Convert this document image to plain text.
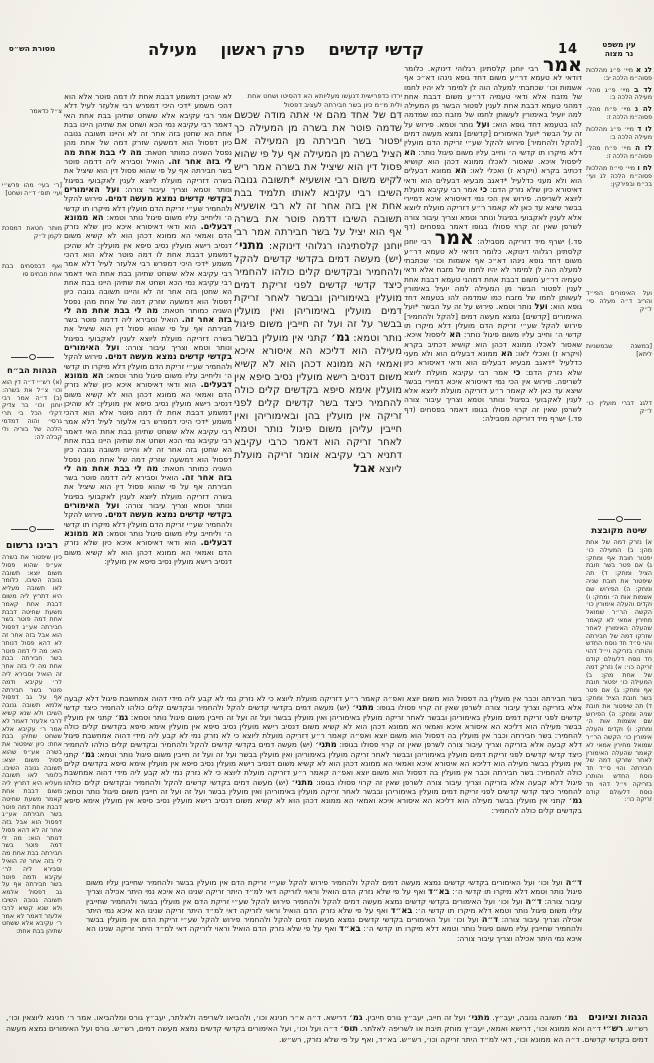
מסורת הש״ס	קדשי קדשים
פרק ראשון
מעילה	14	עין משפט
נר מצוה
לג א מיי׳ פ״ג מהלכות פסוה״מ הלכה יב:
לד ב מיי׳ פ״ג מהל׳ מעילה הלכה ב:
לה ג מיי׳ פ״ח מהל׳ פסוה״מ הלכה ז:
לו ד מיי׳ פ״ג מהלכות מעילה הלכה ב:
לז ה מיי׳ פ״ח מהל׳ פסוה״מ הלכה ז:
לח ו מיי׳ פי״ח מהלכות פסוה״מ הלכה לג ועי׳ בכ״מ ובפירקין:
ועל האימורים הפי״ד והריב ד״ה מעלה סי׳ ל״ק
[במשנה שבמשניות ליתא]
דלגג דברי מועלין כו׳ ל״ק
שיטה מקובצת
א) נזרק דמה של אחת מהן: ב) המעילה כו׳ יפטור חובת אף ומחק: ג) אם פטר בשר חובת הציל ומחק: ד) תה שיפטור את חובת שניה ומחק: ה) הפירוש שם אשמות אות ה׳ ומחק: ו) וקדים והעלה אימורין כו׳ הקשה הר״ר שמואל מחירין אמאי לא קאמר שהעלה האימורין לאחר שזרקו דמה של חבירתה והוי ס״ד חד נוסח החדש והותרו בזריקה וי״ל דהוי חד נוסח דלעולם קודם זריקה כו׳: א) נזרק דמה של אחת מהן: ב) המעילה כו׳ יפטור חובת אף ומחק: ג) אם פטר בשר חובת הציל ומחק: ד) תה שיפטור את חובת שניה ומחק: ה) הפירוש שם אשמות אות ה׳ ומחק: ו) וקדים והעלה אימורין כו׳ הקשה הר״ר שמואל מחירין אמאי לא קאמר שהעלה האימורין לאחר שזרקו דמה של חבירתה והוי ס״ד חד נוסח החדש והותרו בזריקה וי״ל דהוי חד נוסח דלעולם קודם זריקה כו׳:
צ״ל כדאמר
[ר׳ בעי׳ מהו פרש״י ועי׳ תוס׳ ד״ה ושחט]
מותר חטאת דמסכת לקמן ל״ק
ואף דבפסחים בבת אחת וזבחים סו
הגהות הב״ח
(א) רש״י ד״ה דין הוא וכו׳ צ״ל את בשרה: (ב) ד״ה אמר רבי יוחנן וכו׳ בר צדיק דקלי הכל בי תרי גרסי׳ והוה דמדמי הלכה של בוריה ולי קבלה לה:
רבינו גרשום
כיון שיפטור את בשרה אע״פ שהוא פסול משום יוצא: תשובה גנובה השיבו. כלומר לאו תשובה מעליא היא דתריץ ליה משום דבבת אחת קאמר משעת שחיטה דבבת אחת דמה פוטר בשר חבירתה אע״ג דפסול הוא אבל בזה אחר זה לא דהא פסול דנותר הוא: מה לי דמה פוטר בשר חבירתה בבת אחת מה לי בזה אחר זה הואיל וסבירא ליה לר׳ עקיבא ודמה פוטר בשר חבירתה אף על גב דפסול אלמא תשובה גנובה השיבו ולא שנא קשיא לרבי אלעזר דאמר לא אמר ר׳ עקיבא אלא ששחט שתיהן בבת אחת: כיון שיפטור את בשרה אע״פ שהוא פסול משום יוצא: תשובה גנובה השיבו. כלומר לאו תשובה מעליא היא דתריץ ליה משום דבבת אחת קאמר משעת שחיטה דבבת אחת דמה פוטר בשר חבירתה אע״ג דפסול הוא אבל בזה אחר זה לא דהא פסול דנותר הוא: מה לי דמה פוטר בשר חבירתה בבת אחת מה לי בזה אחר זה הואיל וסבירא ליה לר׳ עקיבא ודמה פוטר בשר חבירתה אף על גב דפסול אלמא תשובה גנובה השיבו ולא שנא קשיא לרבי אלעזר דאמר לא אמר ר׳ עקיבא אלא ששחט שתיהן בבת אחת:
לא שהיכן דמשמע דבבת אחת לו דמה פוטר אלא הוא דהכי משמע *דכי היכי דמפרש רבי אלעזר לעיל דלא אמר רבי עקיבא אלא ששחט שתיהן בבת אחת האי דאמר רבי עקיבא נמי הכא ושחט את שתיהן היינו בבת אחת הא שחטן בזה אחר זה לא והיינו תשובה גנובה כיון דפסול הוא דמשעה שזרק דמה של אחת מהן נפסל השניה כמותר חטאת: מה לי בבת אחת מה לי בזה אחר זה. הואיל וסבירא ליה דדמה פוטר בשר חבירתה אף על פי שהוא פסול דין הוא שיציל את בשרה דזריקה מועלת ליוצא לענין לאקבועי בפיגול ונותר וטמא וצריך עיבור צורה: ועל האימורים בקדשי קדשים נמצא מעשה דמים. פירוש להקל ולהחמיר שע״י זריקת הדם מועלין דלא מיקרו תו קדשי ה׳ וליחייב עליו משום פיגול נותר וטמא: הא ממונא דבעלים. הוא ודאי דאיסורא איכא כיון שלא נזרק הדם ואמאי הא ממונא דכהן הוא לא קשיא משום דנסיב רישא מועלין נסיב סיפא אין מועלין: לא שהיכן דמשמע דבבת אחת לו דמה פוטר אלא הוא דהכי משמע *דכי היכי דמפרש רבי אלעזר לעיל דלא אמר רבי עקיבא אלא ששחט שתיהן בבת אחת האי דאמר רבי עקיבא נמי הכא ושחט את שתיהן היינו בבת אחת הא שחטן בזה אחר זה לא והיינו תשובה גנובה כיון דפסול הוא דמשעה שזרק דמה של אחת מהן נפסל השניה כמותר חטאת: מה לי בבת אחת מה לי בזה אחר זה. הואיל וסבירא ליה דדמה פוטר בשר חבירתה אף על פי שהוא פסול דין הוא שיציל את בשרה דזריקה מועלת ליוצא לענין לאקבועי בפיגול ונותר וטמא וצריך עיבור צורה: ועל האימורים בקדשי קדשים נמצא מעשה דמים. פירוש להקל ולהחמיר שע״י זריקת הדם מועלין דלא מיקרו תו קדשי ה׳ וליחייב עליו משום פיגול נותר וטמא: הא ממונא דבעלים. הוא ודאי דאיסורא איכא כיון שלא נזרק הדם ואמאי הא ממונא דכהן הוא לא קשיא משום דנסיב רישא מועלין נסיב סיפא אין מועלין: לא שהיכן דמשמע דבבת אחת לו דמה פוטר אלא הוא דהכי משמע *דכי היכי דמפרש רבי אלעזר לעיל דלא אמר רבי עקיבא אלא ששחט שתיהן בבת אחת האי דאמר רבי עקיבא נמי הכא ושחט את שתיהן היינו בבת אחת הא שחטן בזה אחר זה לא והיינו תשובה גנובה כיון דפסול הוא דמשעה שזרק דמה של אחת מהן נפסל השניה כמותר חטאת: מה לי בבת אחת מה לי בזה אחר זה. הואיל וסבירא ליה דדמה פוטר בשר חבירתה אף על פי שהוא פסול דין הוא שיציל את בשרה דזריקה מועלת ליוצא לענין לאקבועי בפיגול ונותר וטמא וצריך עיבור צורה: ועל האימורים בקדשי קדשים נמצא מעשה דמים. פירוש להקל ולהחמיר שע״י זריקת הדם מועלין דלא מיקרו תו קדשי ה׳ וליחייב עליו משום פיגול נותר וטמא: הא ממונא דבעלים. הוא ודאי דאיסורא איכא כיון שלא נזרק הדם ואמאי הא ממונא דכהן הוא לא קשיא משום דנסיב רישא מועלין נסיב סיפא אין מועלין:
ירדו כדפרישית דנעשו מעליותא הא דהסיטו ושחט אחת ולית מ״מ כיון בשר חבירתה לעציב דפסול
דם של אחד מהם אי אתה מודה שכשם שדמה פוטר את בשרה מן המעילה כך יפטור בשר חבירתה מן המעילה אם הציל בשרה מן המעילה אף על פי שהוא פסול דין הוא שיציל את בשרה אמר ריש לקיש משום רבי אושעיא *תשובה גנובה השיבו רבי עקיבא לאותו תלמיד בבת אחת אין בזה אחר זה לא רבי אושעיא תשובה השיבו דדמה פוטר את בשרה אף הוא יציל על בשר חבירתה אמר רבי יוחנן קלסתינהו רגלוהי דינוקא: מתני׳ (יש) מעשה דמים בקדשי קדשים להקל ולהחמיר ובקדשים קלים כולהו להחמיר כיצד קדשי קדשים לפני זריקת דמים מועלין באימוריהן ובבשר לאחר זריקת דמים מועלין באימוריהן ואין מועלין בבשר על זה ועל זה חייבין משום פיגול נותר וטמא: גמ׳ קתני אין מועלין בבשר מעילה הוא דליכא הא איסורא איכא ואמאי הא ממונא דכהן הוא לא קשיא משום דנסיב רישא מועלין נסיב סיפא אין מועלין אימא סיפא בקדשים קלים כולה להחמיר כיצד בשר קדשים קלים לפני זריקה אין מועלין בהן ובאימוריהן ואין חייבין עליהן משום פיגול נותר וטמא לאחר זריקה הוא דאמר כרבי עקיבא דתניא רבי עקיבא אומר זריקה מועלת ליוצא אבל
אמר רבי יוחנן קלסתינן רגלוהי דינוקא. כלומר דודאי לא טעמא דר״ע משום דחד גופא נינהו דא״כ אף אשמות וכו׳ שכתבתי למעלה הוה לן למימר לא יהיו לחמו של מזבח אלא ודאי טעמיה דר״ע משום דבבת אחת דמהני טעמא דבבת אחת לענין לפטור הבשר מן המעילה למה יועיל באימורין לעשותן לחמו של מזבח כמו שמדמה להו בטעמא דחד גופא הוא: ועל נותר וטמא. פירוש על זה על הבשר *ועל האימורים [קדשים] נמצא מעשה דמים [להקל ולהחמיר] פירוש להקל שע״י זריקת הדם מועלין דלא מיקרו תו קדשי ה׳ וחייב עליו משום פיגול נותר: הא ליפסול איכא. שאסור לאכלו ממונא דכהן הוא קושיא דכתיב בקרא (ויקרא ז) ואכלי לאו: הא ממונא דבעלים הוא ולא מעני כדלעיל *דאגב מבעיא דבעלים הוא ודאי דאיסורא כיון שלא נזרק הדם: כי אמר רבי עקיבא מועלת ליוצא לשריפה. פירוש אין הכי נמי דאיסורא איכא דמיירי בבשר שיצא עד כאן לא קאמר ר״ע דזריקה מועלת ליוצא אלא לענין לאקבועי בפיגול ונותר וטמא וצריך עיבור צורה לשרפן שאין זה קרוי פסולו בגופו דאמר בפסחים (דף פד.) ישרף מיד דזריקה מסבילה: אמר רבי יוחנן קלסתינן רגלוהי דינוקא. כלומר דודאי לא טעמא דר״ע משום דחד גופא נינהו דא״כ אף אשמות וכו׳ שכתבתי למעלה הוה לן למימר לא יהיו לחמו של מזבח אלא ודאי טעמיה דר״ע משום דבבת אחת דמהני טעמא דבבת אחת לענין לפטור הבשר מן המעילה למה יועיל באימורין לעשותן לחמו של מזבח כמו שמדמה להו בטעמא דחד גופא הוא: ועל נותר וטמא. פירוש על זה על הבשר *ועל האימורים [קדשים] נמצא מעשה דמים [להקל ולהחמיר] פירוש להקל שע״י זריקת הדם מועלין דלא מיקרו תו קדשי ה׳ וחייב עליו משום פיגול נותר: הא ליפסול איכא. שאסור לאכלו ממונא דכהן הוא קושיא דכתיב בקרא (ויקרא ז) ואכלי לאו: הא ממונא דבעלים הוא ולא מעני כדלעיל *דאגב מבעיא דבעלים הוא ודאי דאיסורא כיון שלא נזרק הדם: כי אמר רבי עקיבא מועלת ליוצא לשריפה. פירוש אין הכי נמי דאיסורא איכא דמיירי בבשר שיצא עד כאן לא קאמר ר״ע דזריקה מועלת ליוצא אלא לענין לאקבועי בפיגול ונותר וטמא וצריך עיבור צורה לשרפן שאין זה קרוי פסולו בגופו דאמר בפסחים (דף פד.) ישרף מיד דזריקה מסבילה:
בשר חבירתה וכבר אין מועלין בה דפסול הוא משום יוצא ואפ״ה קאמר ר״ע דזריקה מועלת ליוצא כי לא נזרק נמי לא קבע ליה מידי דהוה אמחשבת פיגול דלא קבעה אלא בזריקה וצריך עיבור צורה לשרפן שאין זה קרוי פסולו בגופו: מתני׳ (יש) מעשה דמים בקדשי קדשים להקל ולהחמיר ובקדשים קלים כולהו להחמיר כיצד קדשי קדשים לפני זריקת דמים מועלין באימוריהן ובבשר לאחר זריקה מועלין באימוריהן ואין מועלין בבשר ועל זה ועל זה חייבין משום פיגול נותר וטמא: גמ׳ קתני אין מועלין בבשר מעילה הוא דליכא הא איסורא איכא ואמאי הא ממונא דכהן הוא לא קשיא משום דנסיב רישא מועלין נסיב סיפא אין מועלין אימא סיפא בקדשים קלים כולה להחמיר: בשר חבירתה וכבר אין מועלין בה דפסול הוא משום יוצא ואפ״ה קאמר ר״ע דזריקה מועלת ליוצא כי לא נזרק נמי לא קבע ליה מידי דהוה אמחשבת פיגול דלא קבעה אלא בזריקה וצריך עיבור צורה לשרפן שאין זה קרוי פסולו בגופו: מתני׳ (יש) מעשה דמים בקדשי קדשים להקל ולהחמיר ובקדשים קלים כולהו להחמיר כיצד קדשי קדשים לפני זריקת דמים מועלין באימוריהן ובבשר לאחר זריקה מועלין באימוריהן ואין מועלין בבשר ועל זה ועל זה חייבין משום פיגול נותר וטמא: גמ׳ קתני אין מועלין בבשר מעילה הוא דליכא הא איסורא איכא ואמאי הא ממונא דכהן הוא לא קשיא משום דנסיב רישא מועלין נסיב סיפא אין מועלין אימא סיפא בקדשים קלים כולה להחמיר: בשר חבירתה וכבר אין מועלין בה דפסול הוא משום יוצא ואפ״ה קאמר ר״ע דזריקה מועלת ליוצא כי לא נזרק נמי לא קבע ליה מידי דהוה אמחשבת פיגול דלא קבעה אלא בזריקה וצריך עיבור צורה לשרפן שאין זה קרוי פסולו בגופו: מתני׳ (יש) מעשה דמים בקדשי קדשים להקל ולהחמיר ובקדשים קלים כולהו להחמיר כיצד קדשי קדשים לפני זריקת דמים מועלין באימוריהן ובבשר לאחר זריקה מועלין באימוריהן ואין מועלין בבשר ועל זה ועל זה חייבין משום פיגול נותר וטמא: גמ׳ קתני אין מועלין בבשר מעילה הוא דליכא הא איסורא איכא ואמאי הא ממונא דכהן הוא לא קשיא משום דנסיב רישא מועלין נסיב סיפא אין מועלין אימא סיפא בקדשים קלים כולה להחמיר:
ד״ה ועל וכו׳ ועל האימורים בקדשי קדשים נמצא מעשה דמים להקל ולהחמיר פירוש להקל שע״י זריקת הדם אין מועלין בבשר ולהחמיר שחייבין עליו משום פיגול נותר וטמא דלא מיקרו תו קדשי ה׳: בא״ד ואף על פי שלא נזרק הדם הואיל וראוי לזריקה דאי למ״ד היתר זריקה שנינו הא איכא נמי היתר אכילה וצריך עיבור צורה: ד״ה ועל וכו׳ ועל האימורים בקדשי קדשים נמצא מעשה דמים להקל ולהחמיר פירוש להקל שע״י זריקת הדם אין מועלין בבשר ולהחמיר שחייבין עליו משום פיגול נותר וטמא דלא מיקרו תו קדשי ה׳: בא״ד ואף על פי שלא נזרק הדם הואיל וראוי לזריקה דאי למ״ד היתר זריקה שנינו הא איכא נמי היתר אכילה וצריך עיבור צורה: ד״ה ועל וכו׳ ועל האימורים בקדשי קדשים נמצא מעשה דמים להקל ולהחמיר פירוש להקל שע״י זריקת הדם אין מועלין בבשר ולהחמיר שחייבין עליו משום פיגול נותר וטמא דלא מיקרו תו קדשי ה׳: בא״ד ואף על פי שלא נזרק הדם הואיל וראוי לזריקה דאי למ״ד היתר זריקה שנינו הא איכא נמי היתר אכילה וצריך עיבור צורה:
הגהות וציונים גמ׳ תשובה גנובה, יעב״ץ. מתני׳ ועל זה חייב, יעב״ץ גורס חייבין. גמ׳ דרישא. ד״ה א״ר חנינא וכו׳, ולהביאו לשריפה ולאלתר, יעב״ץ גורס ומלהביאו. אמר ר׳ חנינא ליוצאין וכו׳, רש״ש. רש״י ד״ה והא ממונא וכו׳, דרישא ואמאי, יעב״ץ מוחק תיבת או לשריפה לאלתר. תוס׳ ד״ה ועל וכו׳, ועל האימורים בקדשי קדשים נמצא מעשה דמים, רש״ש. גורס ועל האימורים נמצא מעשה דמים בקדשי קדשים. ד״ה הא ממונא וכו׳, דאי למ״ד היתר זריקה וכו׳, רש״ש. בא״ד, ואף על פי שלא נזרק, רש״ש.
